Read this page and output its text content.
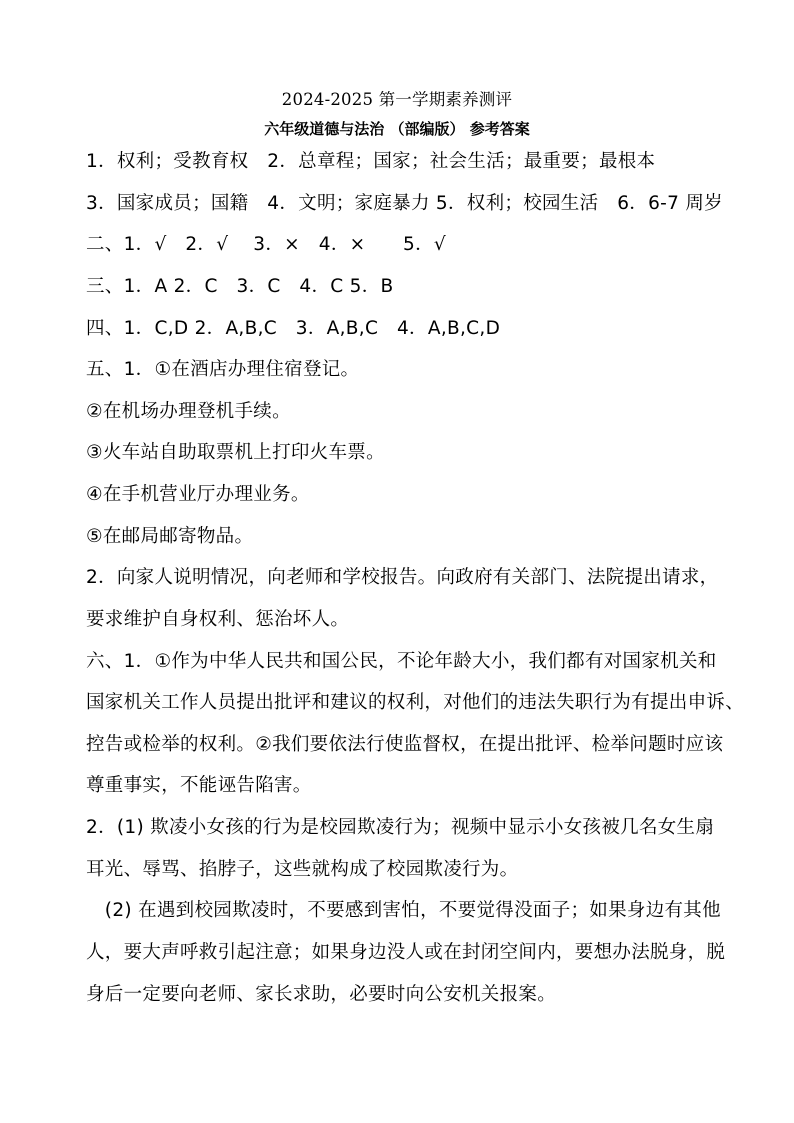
2024-2025 第一学期素养测评
六年级道德与法治 （部编版） 参考答案
1．权利；受教育权　2．总章程；国家；社会生活；最重要；最根本
3．国家成员；国籍　4．文明；家庭暴力 5．权利；校园生活　6．6-7 周岁
二、1．√　2．√　 3．×　4．×　　5．√
三、1．A 2．C　3．C　4．C 5．B
四、1．C,D 2．A,B,C　3．A,B,C　4．A,B,C,D
五、1．①在酒店办理住宿登记。
②在机场办理登机手续。
③火车站自助取票机上打印火车票。
④在手机营业厅办理业务。
⑤在邮局邮寄物品。
2．向家人说明情况，向老师和学校报告。向政府有关部门、法院提出请求，
要求维护自身权利、惩治坏人。
六、1．①作为中华人民共和国公民，不论年龄大小，我们都有对国家机关和
国家机关工作人员提出批评和建议的权利，对他们的违法失职行为有提出申诉、
控告或检举的权利。②我们要依法行使监督权，在提出批评、检举问题时应该
尊重事实，不能诬告陷害。
2．(1) 欺凌小女孩的行为是校园欺凌行为；视频中显示小女孩被几名女生扇
耳光、辱骂、掐脖子，这些就构成了校园欺凌行为。
　(2) 在遇到校园欺凌时，不要感到害怕，不要觉得没面子；如果身边有其他
人，要大声呼救引起注意；如果身边没人或在封闭空间内，要想办法脱身，脱
身后一定要向老师、家长求助，必要时向公安机关报案。
